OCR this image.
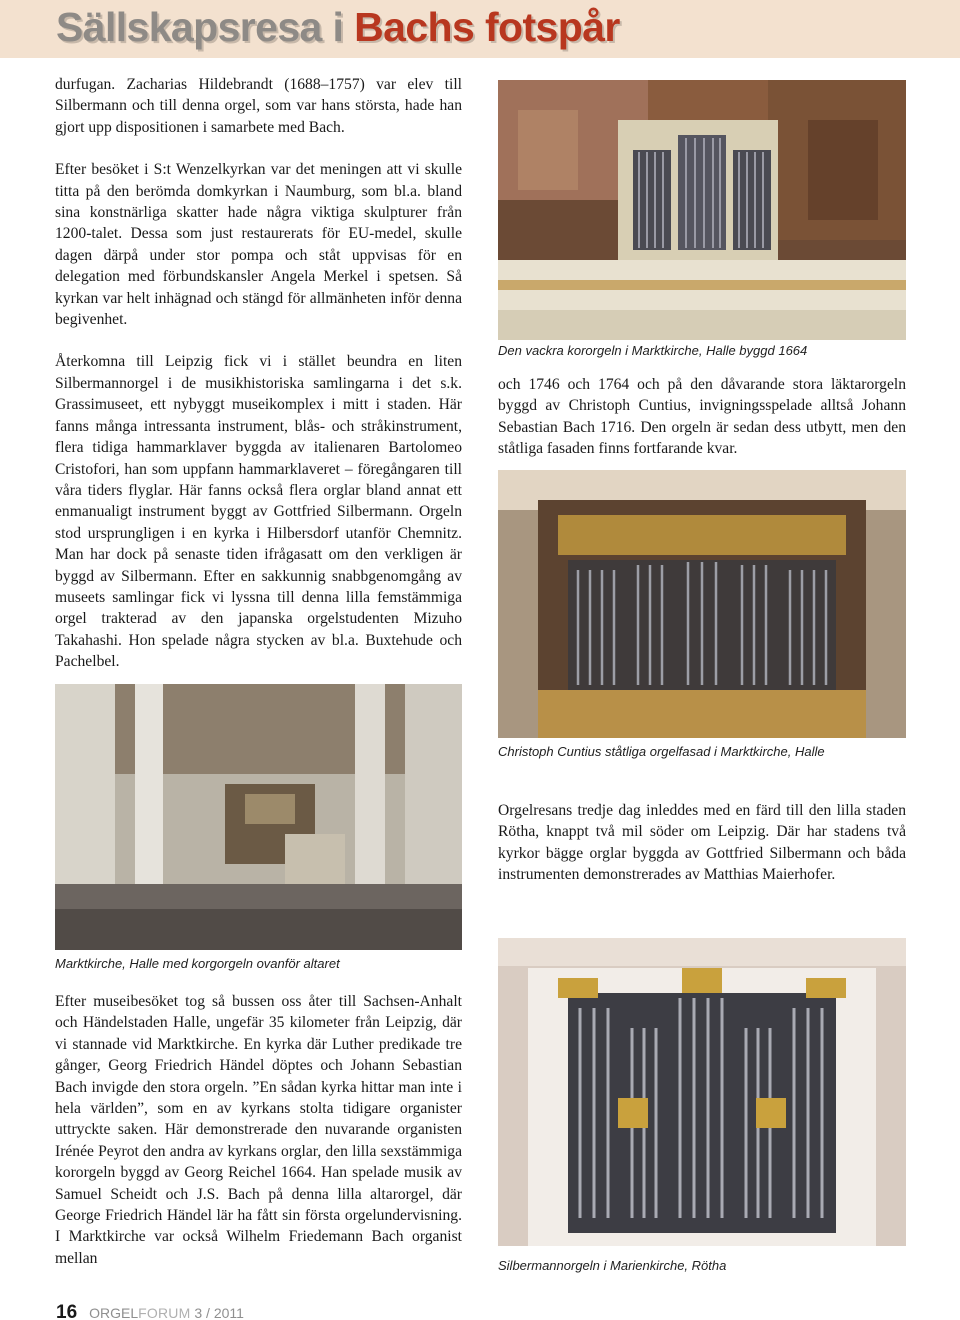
Sällskapsresa i Bachs fotspår

durfugan. Zacharias Hildebrandt (1688–1757) var elev till Silbermann och till denna orgel, som var hans största, hade han gjort upp dispositionen i samarbete med Bach.

Efter besöket i S:t Wenzelkyrkan var det meningen att vi skulle titta på den berömda domkyrkan i Naumburg, som bl.a. bland sina konstnärliga skatter hade några viktiga skulpturer från 1200-talet. Dessa som just restaurerats för EU-medel, skulle dagen därpå under stor pompa och ståt uppvisas för en delegation med förbundskansler Angela Merkel i spetsen. Så kyrkan var helt inhägnad och stängd för allmänheten inför denna begivenhet.

Återkomna till Leipzig fick vi i stället beundra en liten Silbermannorgel i de musikhistoriska samlingarna i det s.k. Grassimuseet, ett nybyggt museikomplex i mitt i staden. Här fanns många intressanta instrument, blås- och stråkinstrument, flera tidiga hammarklaver byggda av italienaren Bartolomeo Cristofori, han som uppfann hammarklaveret – föregångaren till våra tiders flyglar. Här fanns också flera orglar bland annat ett enmanualigt instrument byggt av Gottfried Silbermann. Orgeln stod ursprungligen i en kyrka i Hilbersdorf utanför Chemnitz. Man har dock på senaste tiden ifrågasatt om den verkligen är byggd av Silbermann. Efter en sakkunnig snabbgenomgång av museets samlingar fick vi lyssna till denna lilla femstämmiga orgel trakterad av den japanska orgelstudenten Mizuho Takahashi. Hon spelade några stycken av bl.a. Buxtehude och Pachelbel.

Den vackra kororgeln i Marktkirche, Halle byggd 1664

och 1746 och 1764 och på den dåvarande stora läktarorgeln byggd av Christoph Cuntius, invigningsspelade alltså Johann Sebastian Bach 1716. Den orgeln är sedan dess utbytt, men den ståtliga fasaden finns fortfarande kvar.

Christoph Cuntius ståtliga orgelfasad i Marktkirche, Halle

Orgelresans tredje dag inleddes med en färd till den lilla staden Rötha, knappt två mil söder om Leipzig. Där har stadens två kyrkor bägge orglar byggda av Gottfried Silbermann och båda instrumenten demonstrerades av Matthias Maierhofer.

Marktkirche, Halle med korgorgeln ovanför altaret

Efter museibesöket tog så bussen oss åter till Sachsen-Anhalt och Händelstaden Halle, ungefär 35 kilometer från Leipzig, där vi stannade vid Marktkirche. En kyrka där Luther predikade tre gånger, Georg Friedrich Händel döptes och Johann Sebastian Bach invigde den stora orgeln. ”En sådan kyrka hittar man inte i hela världen”, som en av kyrkans stolta tidigare organister uttryckte saken. Här demonstrerade den nuvarande organisten Irénée Peyrot den andra av kyrkans orglar, den lilla sexstämmiga kororgeln byggd av Georg Reichel 1664. Han spelade musik av Samuel Scheidt och J.S. Bach på denna lilla altarorgel, där George Friedrich Händel lär ha fått sin första orgelundervisning. I Marktkirche var också Wilhelm Friedemann Bach organist mellan	Silbermannorgeln i Marienkirche, Rötha
16 ORGELFORUM 3 / 2011
